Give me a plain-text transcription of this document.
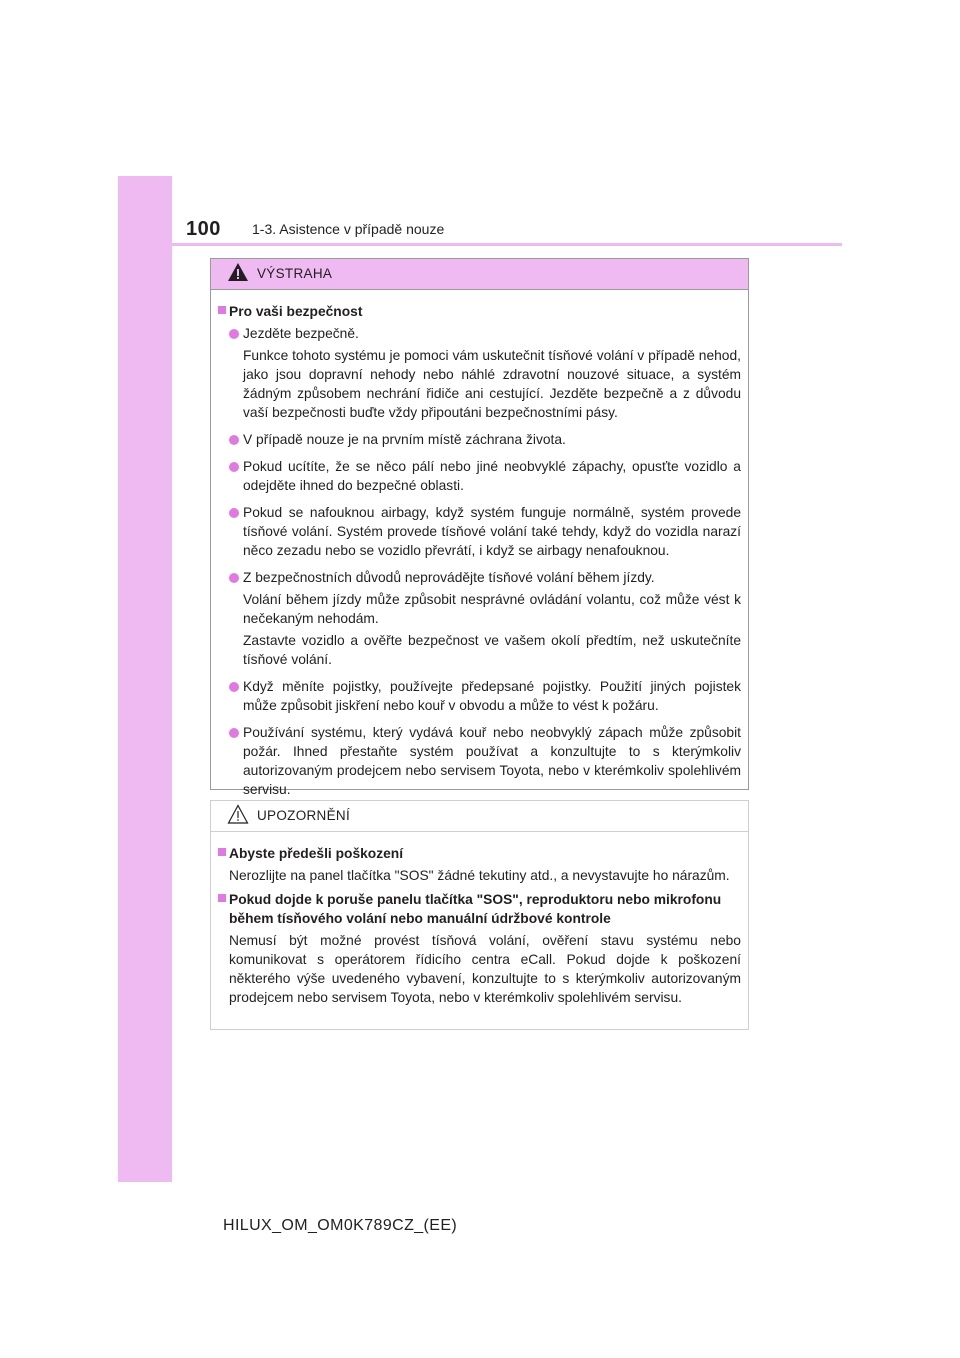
100 1-3. Asistence v případě nouze
VÝSTRAHA
Pro vaši bezpečnost
Jezděte bezpečně.
Funkce tohoto systému je pomoci vám uskutečnit tísňové volání v případě nehod, jako jsou dopravní nehody nebo náhlé zdravotní nouzové situace, a systém žádným způsobem nechrání řidiče ani cestující. Jezděte bezpečně a z důvodu vaší bezpečnosti buďte vždy připoutáni bezpečnostními pásy.
V případě nouze je na prvním místě záchrana života.
Pokud ucítíte, že se něco pálí nebo jiné neobvyklé zápachy, opusťte vozidlo a odejděte ihned do bezpečné oblasti.
Pokud se nafouknou airbagy, když systém funguje normálně, systém provede tísňové volání. Systém provede tísňové volání také tehdy, když do vozidla narazí něco zezadu nebo se vozidlo převrátí, i když se airbagy nenafouknou.
Z bezpečnostních důvodů neprovádějte tísňové volání během jízdy.
Volání během jízdy může způsobit nesprávné ovládání volantu, což může vést k nečekaným nehodám.
Zastavte vozidlo a ověřte bezpečnost ve vašem okolí předtím, než uskutečníte tísňové volání.
Když měníte pojistky, používejte předepsané pojistky. Použití jiných pojistek může způsobit jiskření nebo kouř v obvodu a může to vést k požáru.
Používání systému, který vydává kouř nebo neobvyklý zápach může způsobit požár. Ihned přestaňte systém používat a konzultujte to s kterýmkoliv autorizovaným prodejcem nebo servisem Toyota, nebo v kterémkoliv spolehlivém servisu.
UPOZORNĚNÍ
Abyste předešli poškození
Nerozlijte na panel tlačítka "SOS" žádné tekutiny atd., a nevystavujte ho nárazům.
Pokud dojde k poruše panelu tlačítka "SOS", reproduktoru nebo mikrofonu během tísňového volání nebo manuální údržbové kontrole
Nemusí být možné provést tísňová volání, ověření stavu systému nebo komunikovat s operátorem řídicího centra eCall. Pokud dojde k poškození některého výše uvedeného vybavení, konzultujte to s kterýmkoliv autorizovaným prodejcem nebo servisem Toyota, nebo v kterémkoliv spolehlivém servisu.
HILUX_OM_OM0K789CZ_(EE)
